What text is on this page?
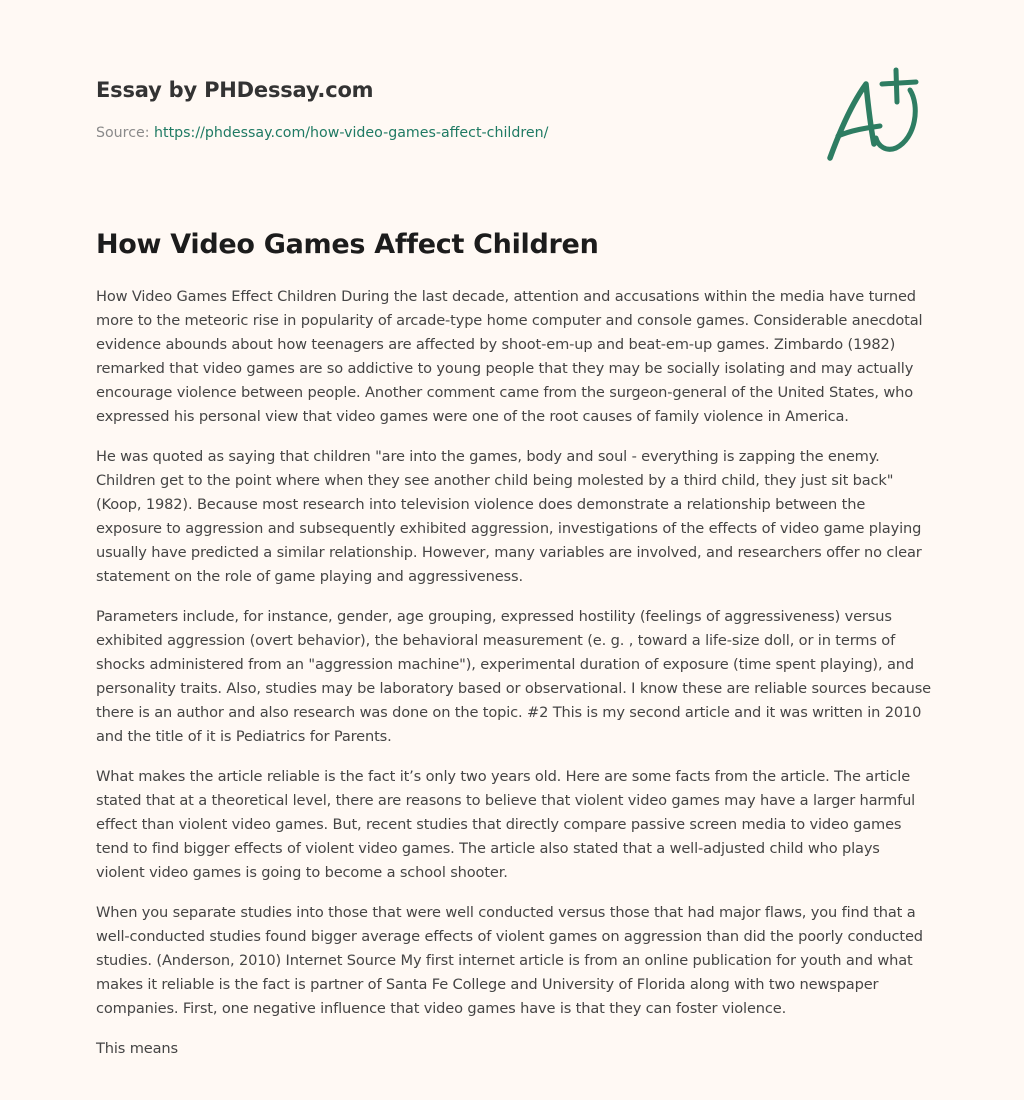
Essay by PHDessay.com
Source: https://phdessay.com/how-video-games-affect-children/
How Video Games Affect Children

How Video Games Effect Children During the last decade, attention and accusations within the media have turned more to the meteoric rise in popularity of arcade-type home computer and console games. Considerable anecdotal evidence abounds about how teenagers are affected by shoot-em-up and beat-em-up games. Zimbardo (1982) remarked that video games are so addictive to young people that they may be socially isolating and may actually encourage violence between people. Another comment came from the surgeon-general of the United States, who expressed his personal view that video games were one of the root causes of family violence in America.

He was quoted as saying that children "are into the games, body and soul - everything is zapping the enemy. Children get to the point where when they see another child being molested by a third child, they just sit back" (Koop, 1982). Because most research into television violence does demonstrate a relationship between the exposure to aggression and subsequently exhibited aggression, investigations of the effects of video game playing usually have predicted a similar relationship. However, many variables are involved, and researchers offer no clear statement on the role of game playing and aggressiveness.

Parameters include, for instance, gender, age grouping, expressed hostility (feelings of aggressiveness) versus exhibited aggression (overt behavior), the behavioral measurement (e. g. , toward a life-size doll, or in terms of shocks administered from an "aggression machine"), experimental duration of exposure (time spent playing), and personality traits. Also, studies may be laboratory based or observational. I know these are reliable sources because there is an author and also research was done on the topic. #2 This is my second article and it was written in 2010 and the title of it is Pediatrics for Parents.

What makes the article reliable is the fact it’s only two years old. Here are some facts from the article. The article stated that at a theoretical level, there are reasons to believe that violent video games may have a larger harmful effect than violent video games. But, recent studies that directly compare passive screen media to video games tend to find bigger effects of violent video games. The article also stated that a well-adjusted child who plays violent video games is going to become a school shooter.

When you separate studies into those that were well conducted versus those that had major flaws, you find that a well-conducted studies found bigger average effects of violent games on aggression than did the poorly conducted studies. (Anderson, 2010) Internet Source My first internet article is from an online publication for youth and what makes it reliable is the fact is partner of Santa Fe College and University of Florida along with two newspaper companies. First, one negative influence that video games have is that they can foster violence.

This means
